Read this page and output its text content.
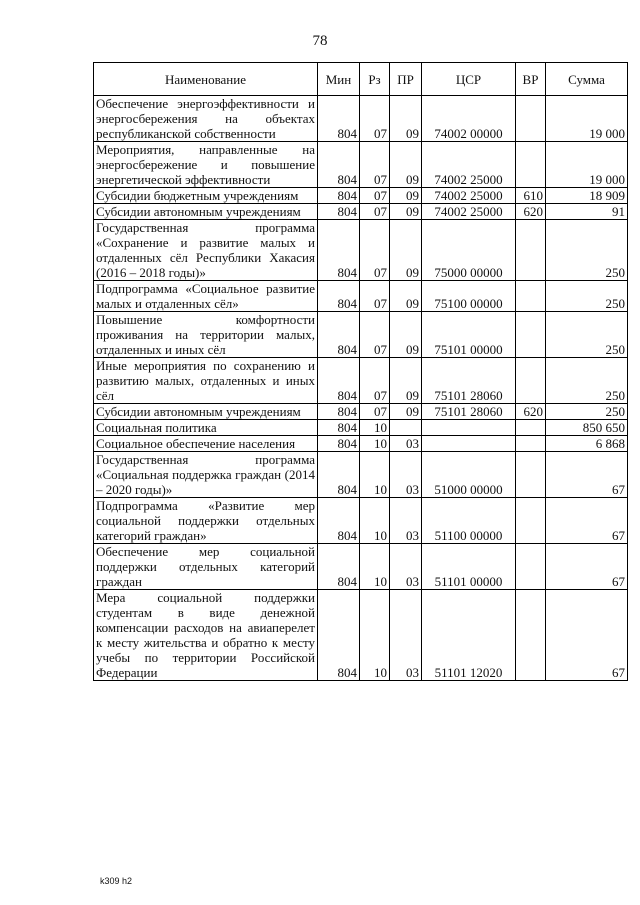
78
Наименование	Мин	Рз	ПР	ЦСР	ВР	Сумма
Обеспечение энергоэффективности и энергосбережения на объектах республиканской собственности	804	07	09	74002 00000		19 000
Мероприятия, направленные на энергосбережение и повышение энергетической эффективности	804	07	09	74002 25000		19 000
Субсидии бюджетным учреждениям	804	07	09	74002 25000	610	18 909
Субсидии автономным учреждениям	804	07	09	74002 25000	620	91
Государственная программа «Сохранение и развитие малых и отдаленных сёл Республики Хакасия (2016 – 2018 годы)»	804	07	09	75000 00000		250
Подпрограмма «Социальное развитие малых и отдаленных сёл»	804	07	09	75100 00000		250
Повышение комфортности проживания на территории малых, отдаленных и иных сёл	804	07	09	75101 00000		250
Иные мероприятия по сохранению и развитию малых, отдаленных и иных сёл	804	07	09	75101 28060		250
Субсидии автономным учреждениям	804	07	09	75101 28060	620	250
Социальная политика	804	10				850 650
Социальное обеспечение населения	804	10	03			6 868
Государственная программа «Социальная поддержка граждан (2014 – 2020 годы)»	804	10	03	51000 00000		67
Подпрограмма «Развитие мер социальной поддержки отдельных категорий граждан»	804	10	03	51100 00000		67
Обеспечение мер социальной поддержки отдельных категорий граждан	804	10	03	51101 00000		67
Мера социальной поддержки студентам в виде денежной компенсации расходов на авиаперелет к месту жительства и обратно к месту учебы по территории Российской Федерации	804	10	03	51101 12020		67
k309 h2
